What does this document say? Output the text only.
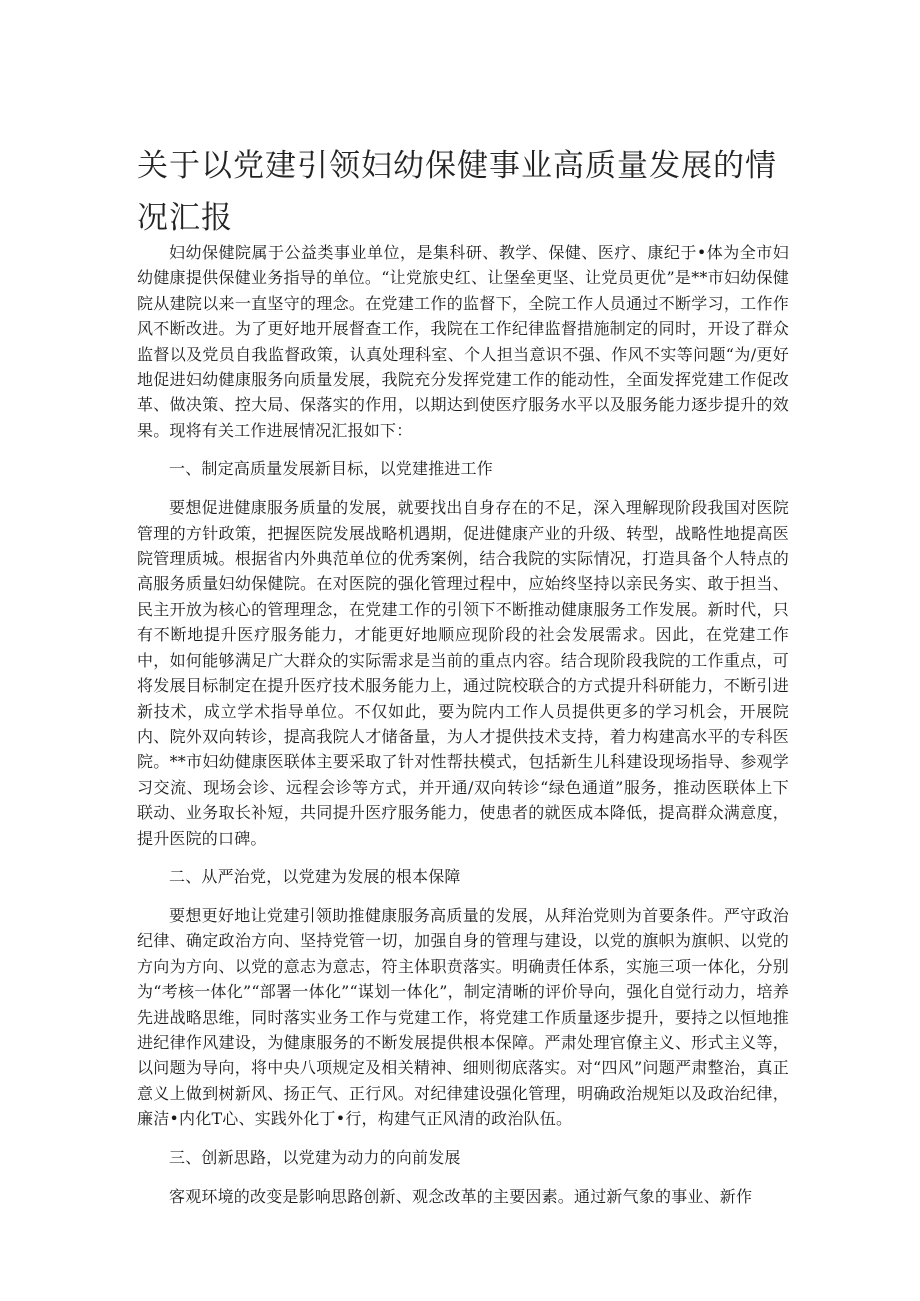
关于以党建引领妇幼保健事业高质量发展的情况汇报

妇幼保健院属于公益类事业单位，是集科研、教学、保健、医疗、康纪于•体为全市妇幼健康提供保健业务指导的单位。“让党旅史红、让堡垒更坚、让党员更优”是**市妇幼保健院从建院以来一直坚守的理念。在党建工作的监督下，全院工作人员通过不断学习，工作作风不断改进。为了更好地开展督查工作，我院在工作纪律监督措施制定的同时，开设了群众监督以及党员自我监督政策，认真处理科室、个人担当意识不强、作风不实等问题“为/更好地促进妇幼健康服务向质量发展，我院充分发挥党建工作的能动性，全面发挥党建工作促改革、做决策、控大局、保落实的作用，以期达到使医疗服务水平以及服务能力逐步提升的效果。现将有关工作进展情况汇报如下：

一、制定高质量发展新目标，以党建推进工作

要想促进健康服务质量的发展，就要找出自身存在的不足，深入理解现阶段我国对医院管理的方针政策，把握医院发展战略机遇期，促进健康产业的升级、转型，战略性地提高医院管理质城。根据省内外典范单位的优秀案例，结合我院的实际情况，打造具备个人特点的高服务质量妇幼保健院。在对医院的强化管理过程中，应始终坚持以亲民务实、敢于担当、民主开放为核心的管理理念，在党建工作的引领下不断推动健康服务工作发展。新时代，只有不断地提升医疗服务能力，才能更好地顺应现阶段的社会发展需求。因此，在党建工作中，如何能够满足广大群众的实际需求是当前的重点内容。结合现阶段我院的工作重点，可将发展目标制定在提升医疗技术服务能力上，通过院校联合的方式提升科研能力，不断引进新技术，成立学术指导单位。不仅如此，要为院内工作人员提供更多的学习机会，开展院内、院外双向转诊，提高我院人才储备量，为人才提供技术支持，着力构建高水平的专科医院。**市妇幼健康医联体主要采取了针对性帮扶模式，包括新生儿科建设现场指导、参观学习交流、现场会诊、远程会诊等方式，并开通/双向转诊“绿色通道”服务，推动医联体上下联动、业务取长补短，共同提升医疗服务能力，使患者的就医成本降低，提高群众满意度，提升医院的口碑。

二、从严治党，以党建为发展的根本保障

要想更好地让党建引领助推健康服务高质量的发展，从拜治党则为首要条件。严守政治纪律、确定政治方向、坚持党管一切，加强自身的管理与建设，以党的旗帜为旗帜、以党的方向为方向、以党的意志为意志，符主体职贲落实。明确责任体系，实施三项一体化，分别为“考核一体化”“部署一体化”“谋划一体化”，制定清晰的评价导向，强化自觉行动力，培养先进战略思维，同时落实业务工作与党建工作，将党建工作质量逐步提升，要持之以恒地推进纪律作风建设，为健康服务的不断发展提供根本保障。严肃处理官僚主义、形式主义等，以问题为导向，将中央八项规定及相关精神、细则彻底落实。对“四风”问题严肃整治，真正意义上做到树新风、扬正气、正行风。对纪律建设强化管理，明确政治规矩以及政治纪律，廉洁•内化T心、实践外化丁•行，构建气正风清的政治队伍。

三、创新思路，以党建为动力的向前发展

客观环境的改变是影响思路创新、观念改革的主要因素。通过新气象的事业、新作
